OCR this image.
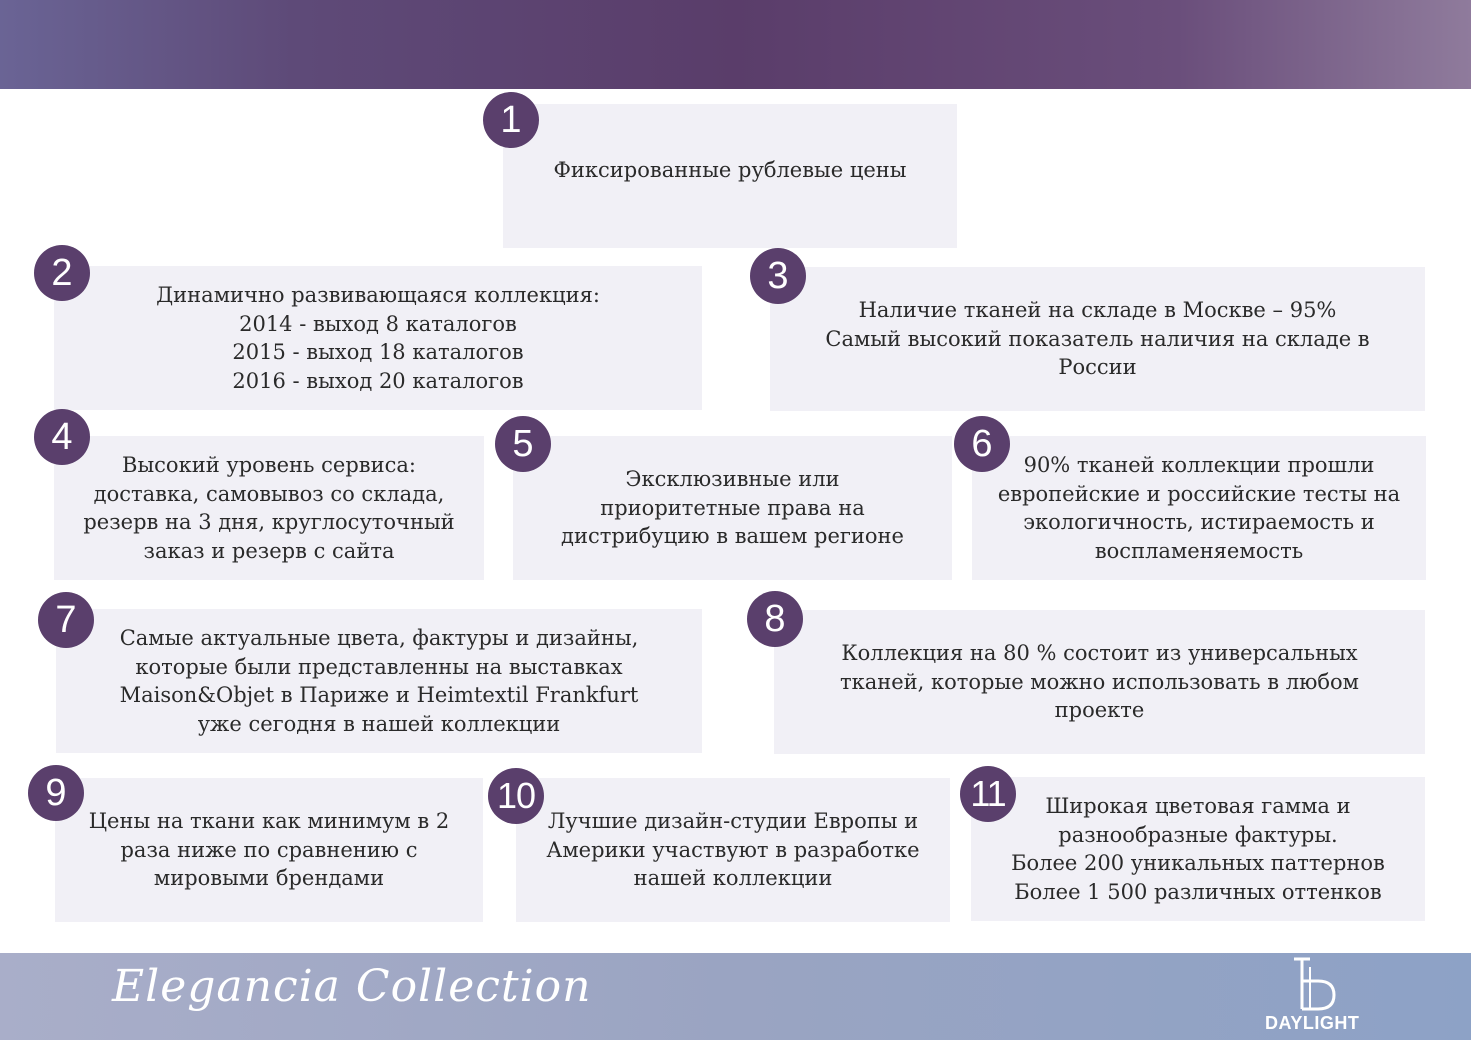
Фиксированные рублевые цены
1
Динамично развивающаяся коллекция:
2014 - выход 8 каталогов
2015 - выход 18 каталогов
2016 - выход 20 каталогов
2
Наличие тканей на складе в Москве – 95%
Самый высокий показатель наличия на складе в
России
3
Высокий уровень сервиса:
доставка, самовывоз со склада,
резерв на 3 дня, круглосуточный
заказ и резерв с сайта
4
Эксклюзивные или
приоритетные права на
дистрибуцию в вашем регионе
5	90% тканей коллекции прошли
европейские и российские тесты на
экологичность, истираемость и
воспламеняемость
6
Самые актуальные цвета, фактуры и дизайны,
которые были представленны на выставках
Maison&Objet в Париже и Heimtextil Frankfurt
уже сегодня в нашей коллекции
7
Коллекция на 80 % состоит из универсальных
тканей, которые можно использовать в любом
проекте
8
Цены на ткани как минимум в 2
раза ниже по сравнению с
мировыми брендами
9
Лучшие дизайн-студии Европы и
Америки участвуют в разработке
нашей коллекции
10	Широкая цветовая гамма и
разнообразные фактуры.
Более 200 уникальных паттернов
Более 1 500 различных оттенков
11
Elegancia Collection
DAYLIGHT
